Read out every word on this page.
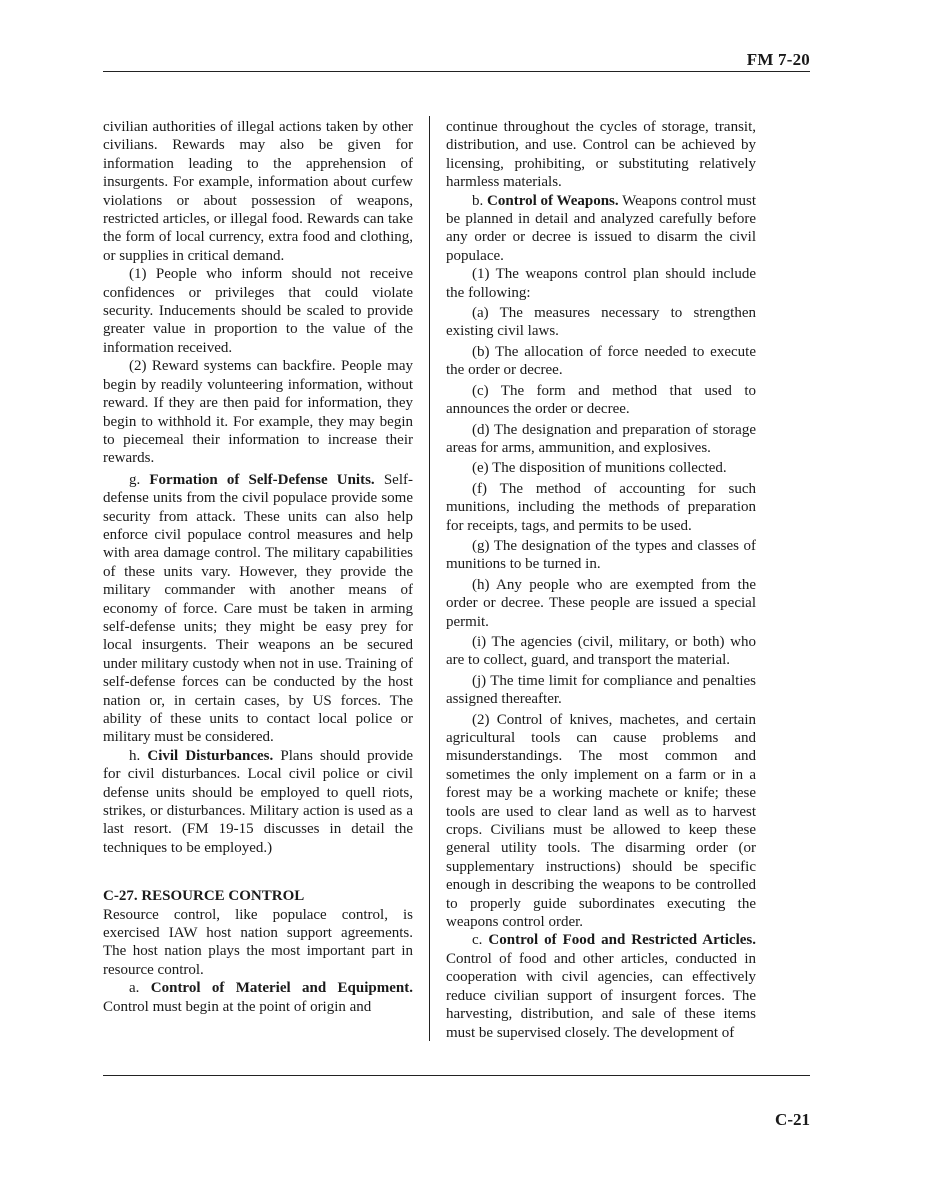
FM 7-20

civilian authorities of illegal actions taken by other civilians. Rewards may also be given for information leading to the apprehension of insurgents. For example, information about curfew violations or about possession of weapons, restricted articles, or illegal food. Rewards can take the form of local currency, extra food and clothing, or supplies in critical demand.

(1) People who inform should not receive confidences or privileges that could violate security. Inducements should be scaled to provide greater value in proportion to the value of the information received.

(2) Reward systems can backfire. People may begin by readily volunteering information, without reward. If they are then paid for information, they begin to withhold it. For example, they may begin to piecemeal their information to increase their rewards.

g. Formation of Self-Defense Units. Self-defense units from the civil populace provide some security from attack. These units can also help enforce civil populace control measures and help with area damage control. The military capabilities of these units vary. However, they provide the military commander with another means of economy of force. Care must be taken in arming self-defense units; they might be easy prey for local insurgents. Their weapons an be secured under military custody when not in use. Training of self-defense forces can be conducted by the host nation or, in certain cases, by US forces. The ability of these units to contact local police or military must be considered.

h. Civil Disturbances. Plans should provide for civil disturbances. Local civil police or civil defense units should be employed to quell riots, strikes, or disturbances. Military action is used as a last resort. (FM 19-15 discusses in detail the techniques to be employed.)

C-27. RESOURCE CONTROL

Resource control, like populace control, is exercised IAW host nation support agreements. The host nation plays the most important part in resource control.

a. Control of Materiel and Equipment. Control must begin at the point of origin and

continue throughout the cycles of storage, transit, distribution, and use. Control can be achieved by licensing, prohibiting, or substituting relatively harmless materials.

b. Control of Weapons. Weapons control must be planned in detail and analyzed carefully before any order or decree is issued to disarm the civil populace.

(1) The weapons control plan should include the following:

(a) The measures necessary to strengthen existing civil laws.

(b) The allocation of force needed to execute the order or decree.

(c) The form and method that used to announces the order or decree.

(d) The designation and preparation of storage areas for arms, ammunition, and explosives.

(e) The disposition of munitions collected.

(f) The method of accounting for such munitions, including the methods of preparation for receipts, tags, and permits to be used.

(g) The designation of the types and classes of munitions to be turned in.

(h) Any people who are exempted from the order or decree. These people are issued a special permit.

(i) The agencies (civil, military, or both) who are to collect, guard, and transport the material.

(j) The time limit for compliance and penalties assigned thereafter.

(2) Control of knives, machetes, and certain agricultural tools can cause problems and misunderstandings. The most common and sometimes the only implement on a farm or in a forest may be a working machete or knife; these tools are used to clear land as well as to harvest crops. Civilians must be allowed to keep these general utility tools. The disarming order (or supplementary instructions) should be specific enough in describing the weapons to be controlled to properly guide subordinates executing the weapons control order.

c. Control of Food and Restricted Articles. Control of food and other articles, conducted in cooperation with civil agencies, can effectively reduce civilian support of insurgent forces. The harvesting, distribution, and sale of these items must be supervised closely. The development of

C-21
